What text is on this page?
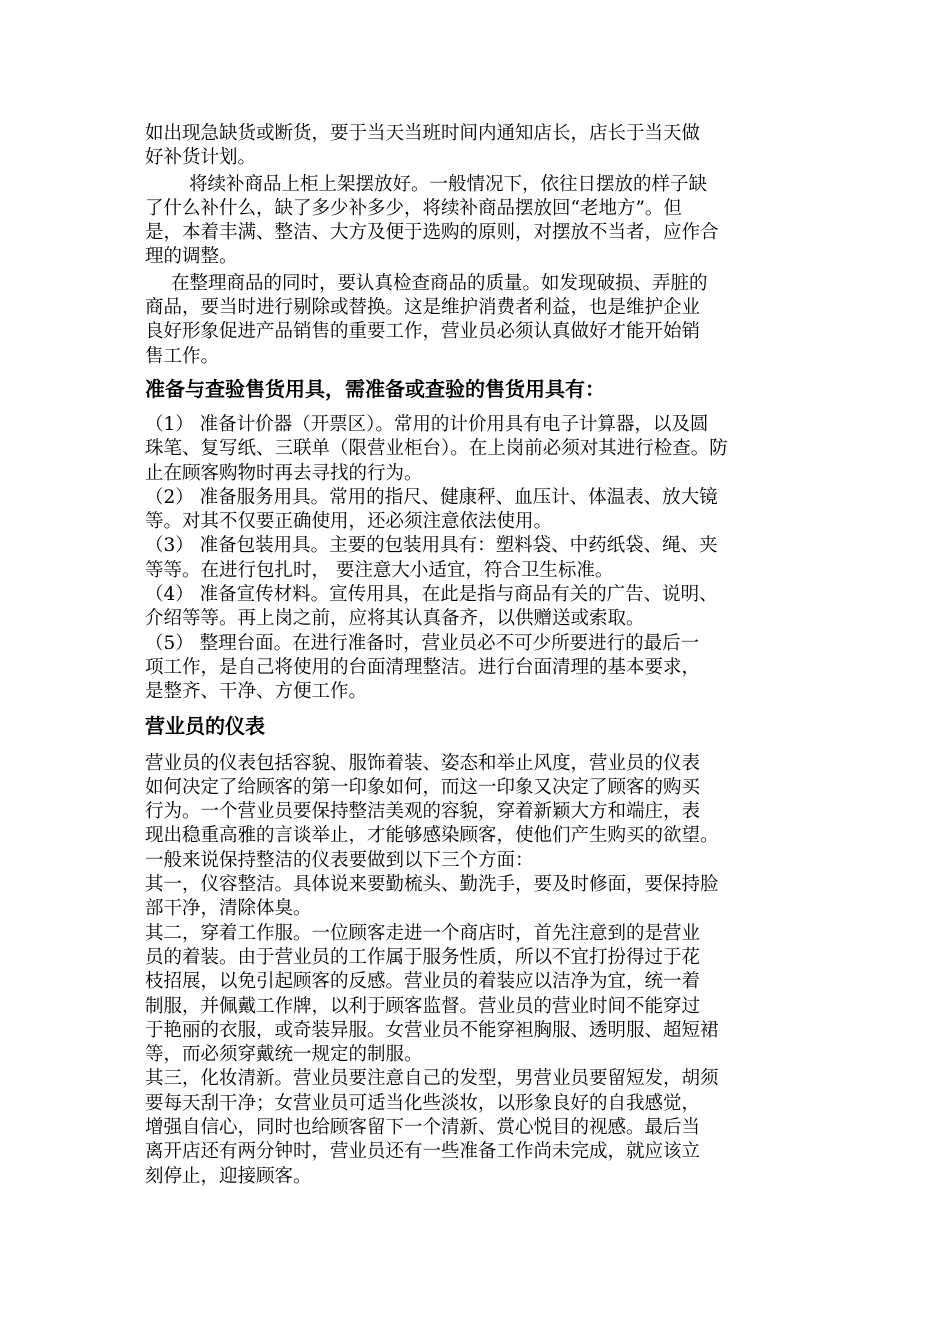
如出现急缺货或断货，要于当天当班时间内通知店长，店长于当天做
好补货计划。
将续补商品上柜上架摆放好。一般情况下，依往日摆放的样子缺
了什么补什么，缺了多少补多少，将续补商品摆放回“老地方”。但
是，本着丰满、整洁、大方及便于选购的原则，对摆放不当者，应作合
理的调整。
在整理商品的同时，要认真检查商品的质量。如发现破损、弄脏的
商品，要当时进行剔除或替换。这是维护消费者利益，也是维护企业
良好形象促进产品销售的重要工作，营业员必须认真做好才能开始销
售工作。
准备与查验售货用具，需准备或查验的售货用具有：
（1） 准备计价器（开票区）。常用的计价用具有电子计算器，以及圆
珠笔、复写纸、三联单（限营业柜台）。在上岗前必须对其进行检查。防
止在顾客购物时再去寻找的行为。
（2） 准备服务用具。常用的指尺、健康秤、血压计、体温表、放大镜
等。对其不仅要正确使用，还必须注意依法使用。
（3） 准备包装用具。主要的包装用具有：塑料袋、中药纸袋、绳、夹
等等。在进行包扎时， 要注意大小适宜，符合卫生标准。
（4） 准备宣传材料。宣传用具，在此是指与商品有关的广告、说明、
介绍等等。再上岗之前，应将其认真备齐，以供赠送或索取。
（5） 整理台面。在进行准备时，营业员必不可少所要进行的最后一
项工作，是自己将使用的台面清理整洁。进行台面清理的基本要求，
是整齐、干净、方便工作。
营业员的仪表
营业员的仪表包括容貌、服饰着装、姿态和举止风度，营业员的仪表
如何决定了给顾客的第一印象如何，而这一印象又决定了顾客的购买
行为。一个营业员要保持整洁美观的容貌，穿着新颖大方和端庄，表
现出稳重高雅的言谈举止，才能够感染顾客，使他们产生购买的欲望。
一般来说保持整洁的仪表要做到以下三个方面：
其一，仪容整洁。具体说来要勤梳头、勤洗手，要及时修面，要保持脸
部干净，清除体臭。
其二，穿着工作服。一位顾客走进一个商店时，首先注意到的是营业
员的着装。由于营业员的工作属于服务性质，所以不宜打扮得过于花
枝招展，以免引起顾客的反感。营业员的着装应以洁净为宜，统一着
制服，并佩戴工作牌，以利于顾客监督。营业员的营业时间不能穿过
于艳丽的衣服，或奇装异服。女营业员不能穿袒胸服、透明服、超短裙
等，而必须穿戴统一规定的制服。
其三，化妆清新。营业员要注意自己的发型，男营业员要留短发，胡须
要每天刮干净；女营业员可适当化些淡妆，以形象良好的自我感觉，
增强自信心，同时也给顾客留下一个清新、赏心悦目的视感。最后当
离开店还有两分钟时，营业员还有一些准备工作尚未完成，就应该立
刻停止，迎接顾客。
